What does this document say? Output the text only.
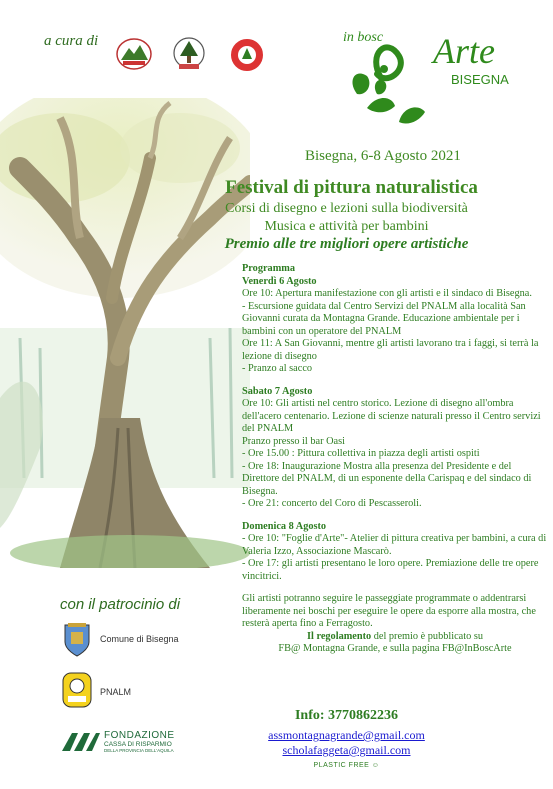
a cura di	in bosc Arte
BISEGNA
Bisegna, 6-8 Agosto 2021
Festival di pittura naturalistica
Corsi di disegno e lezioni sulla biodiversità
Musica e attività per bambini
Premio alle tre migliori opere artistiche

Programma

Venerdì 6 Agosto

Ore 10: Apertura manifestazione con gli artisti e il sindaco di Bisegna.

- Escursione guidata dal Centro Servizi del PNALM alla località San Giovanni curata da Montagna Grande. Educazione ambientale per i bambini con un operatore del PNALM

Ore 11: A San Giovanni, mentre gli artisti lavorano tra i faggi, si terrà la lezione di disegno

- Pranzo al sacco

Sabato 7 Agosto

Ore 10: Gli artisti nel centro storico. Lezione di disegno all'ombra dell'acero centenario. Lezione di scienze naturali presso il Centro servizi del PNALM

Pranzo presso il bar Oasi

- Ore 15.00 : Pittura collettiva in piazza degli artisti ospiti

- Ore 18: Inaugurazione Mostra alla presenza del Presidente e del Direttore del PNALM, di un esponente della Carispaq e del sindaco di Bisegna.

- Ore 21: concerto del Coro di Pescasseroli.

Domenica 8 Agosto

- Ore 10: "Foglie d'Arte"- Atelier di pittura creativa per bambini, a cura di Valeria Izzo, Associazione Mascarò.

- Ore 17: gli artisti presentano le loro opere. Premiazione delle tre opere vincitrici.

Gli artisti potranno seguire le passeggiate programmate o addentrarsi liberamente nei boschi per eseguire le opere da esporre alla mostra, che resterà aperta fino a Ferragosto.

Il regolamento del premio è pubblicato su

FB@ Montagna Grande, e sulla pagina FB@InBoscArte

con il patrocinio di
Comune di Bisegna
PNALM
FONDAZIONE
CASSA DI RISPARMIO
DELLA PROVINCIA DELL'AQUILA
Info: 3770862236
assmontagnagrande@gmail.com
scholafaggeta@gmail.com
PLASTIC FREE ☺
